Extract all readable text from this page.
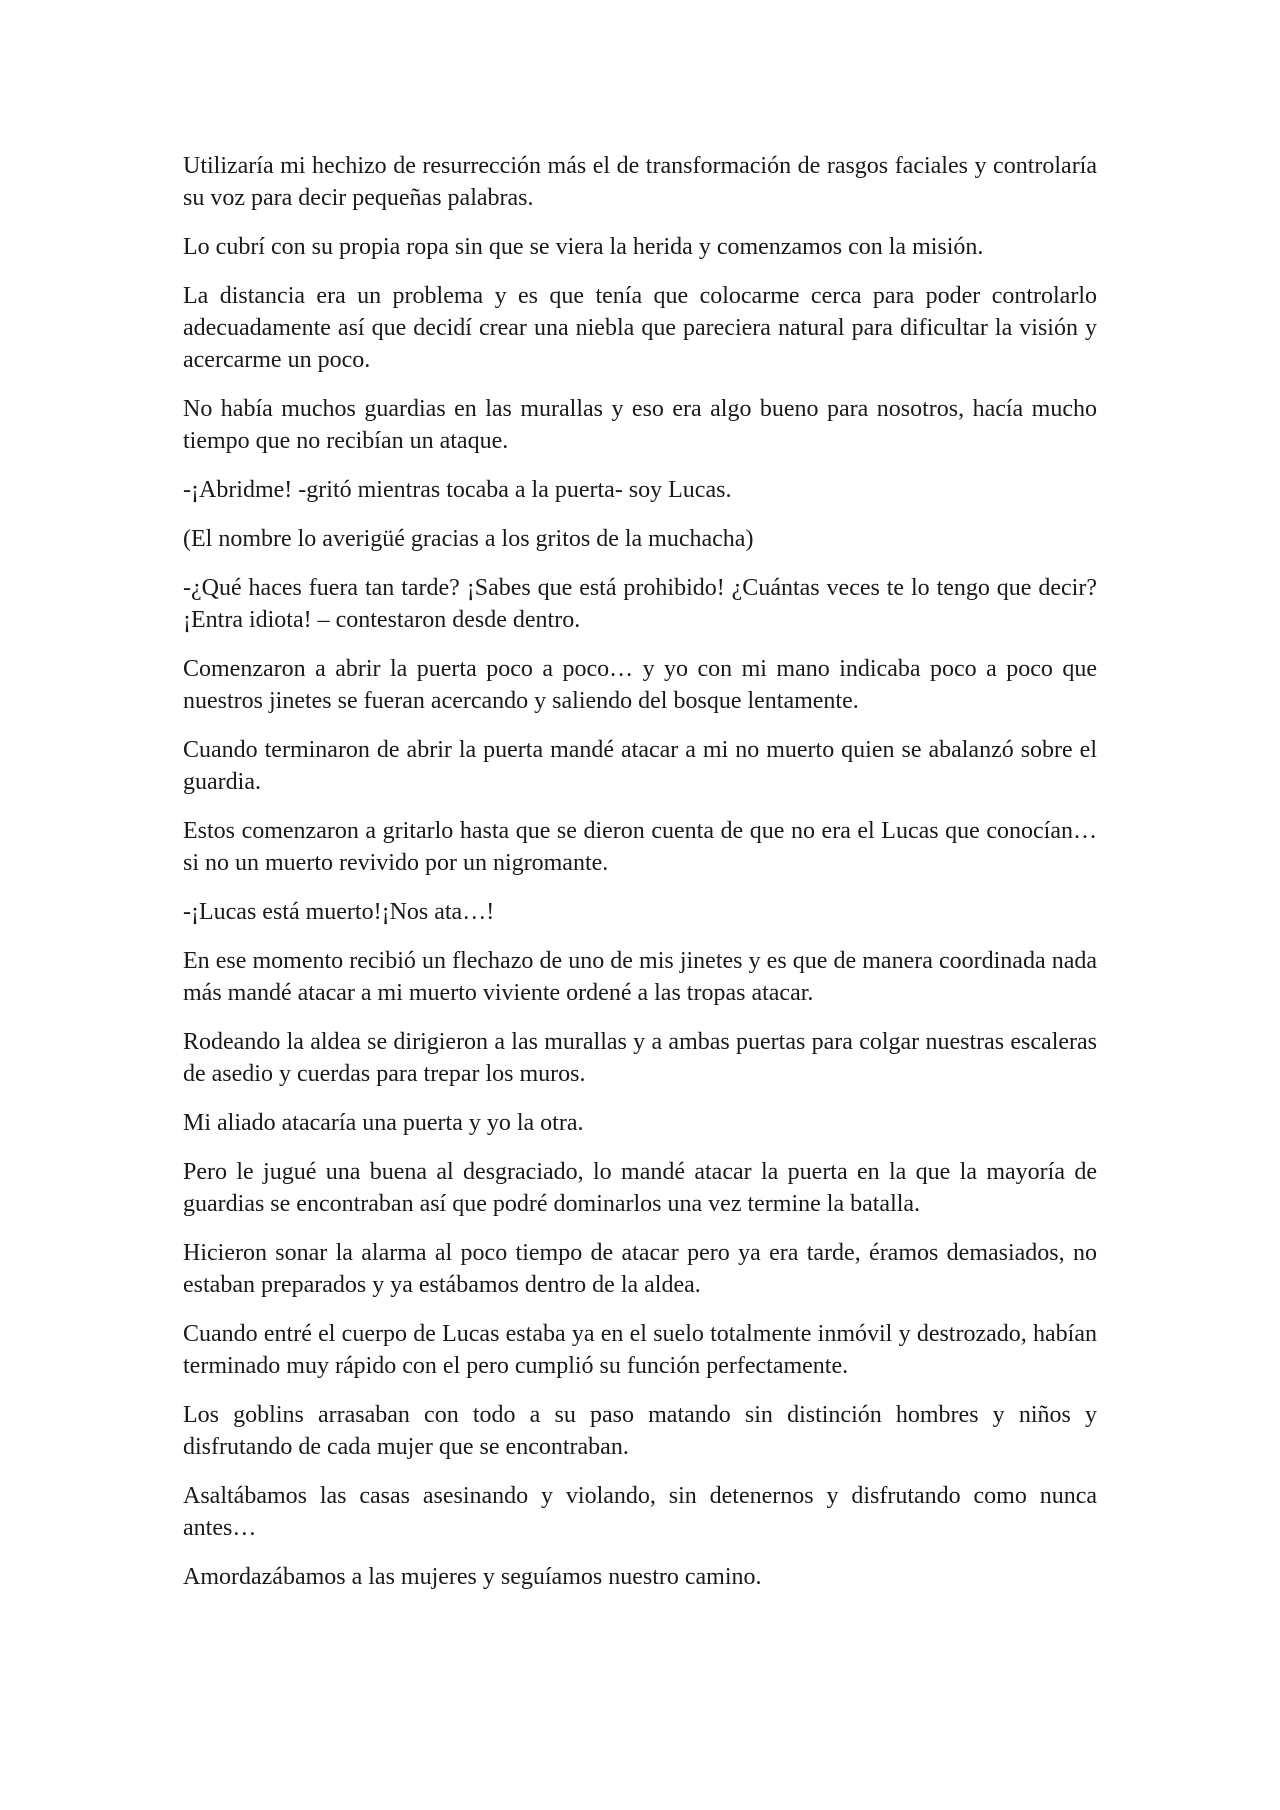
Utilizaría mi hechizo de resurrección más el de transformación de rasgos faciales y controlaría su voz para decir pequeñas palabras.

Lo cubrí con su propia ropa sin que se viera la herida y comenzamos con la misión.

La distancia era un problema y es que tenía que colocarme cerca para poder controlarlo adecuadamente así que decidí crear una niebla que pareciera natural para dificultar la visión y acercarme un poco.

No había muchos guardias en las murallas y eso era algo bueno para nosotros, hacía mucho tiempo que no recibían un ataque.

-¡Abridme! -gritó mientras tocaba a la puerta- soy Lucas.

(El nombre lo averigüé gracias a los gritos de la muchacha)

-¿Qué haces fuera tan tarde? ¡Sabes que está prohibido! ¿Cuántas veces te lo tengo que decir? ¡Entra idiota! – contestaron desde dentro.

Comenzaron a abrir la puerta poco a poco… y yo con mi mano indicaba poco a poco que nuestros jinetes se fueran acercando y saliendo del bosque lentamente.

Cuando terminaron de abrir la puerta mandé atacar a mi no muerto quien se abalanzó sobre el guardia.

Estos comenzaron a gritarlo hasta que se dieron cuenta de que no era el Lucas que conocían… si no un muerto revivido por un nigromante.

-¡Lucas está muerto!¡Nos ata…!

En ese momento recibió un flechazo de uno de mis jinetes y es que de manera coordinada nada más mandé atacar a mi muerto viviente ordené a las tropas atacar.

Rodeando la aldea se dirigieron a las murallas y a ambas puertas para colgar nuestras escaleras de asedio y cuerdas para trepar los muros.

Mi aliado atacaría una puerta y yo la otra.

Pero le jugué una buena al desgraciado, lo mandé atacar la puerta en la que la mayoría de guardias se encontraban así que podré dominarlos una vez termine la batalla.

Hicieron sonar la alarma al poco tiempo de atacar pero ya era tarde, éramos demasiados, no estaban preparados y ya estábamos dentro de la aldea.

Cuando entré el cuerpo de Lucas estaba ya en el suelo totalmente inmóvil y destrozado, habían terminado muy rápido con el pero cumplió su función perfectamente.

Los goblins arrasaban con todo a su paso matando sin distinción hombres y niños y disfrutando de cada mujer que se encontraban.

Asaltábamos las casas asesinando y violando, sin detenernos y disfrutando como nunca antes…

Amordazábamos a las mujeres y seguíamos nuestro camino.
